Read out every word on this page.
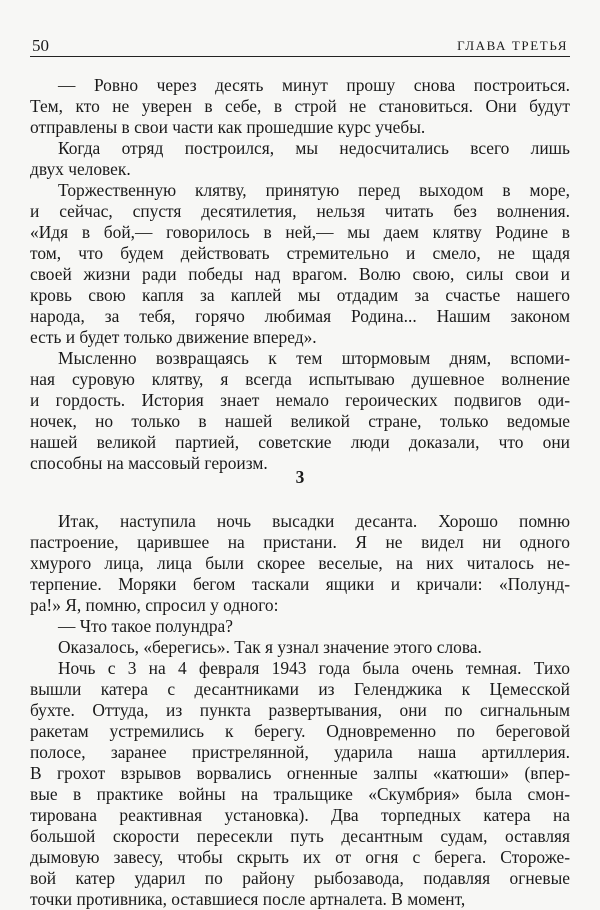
50	ГЛАВА ТРЕТЬЯ
— Ровно через десять минут прошу снова построиться.
Тем, кто не уверен в себе, в строй не становиться. Они будут
отправлены в свои части как прошедшие курс учебы.
Когда отряд построился, мы недосчитались всего лишь
двух человек.
Торжественную клятву, принятую перед выходом в море,
и сейчас, спустя десятилетия, нельзя читать без волнения.
«Идя в бой,— говорилось в ней,— мы даем клятву Родине в
том, что будем действовать стремительно и смело, не щадя
своей жизни ради победы над врагом. Волю свою, силы свои и
кровь свою капля за каплей мы отдадим за счастье нашего
народа, за тебя, горячо любимая Родина... Нашим законом
есть и будет только движение вперед».
Мысленно возвращаясь к тем штормовым дням, вспоми-
ная суровую клятву, я всегда испытываю душевное волнение
и гордость. История знает немало героических подвигов оди-
ночек, но только в нашей великой стране, только ведомые
нашей великой партией, советские люди доказали, что они
способны на массовый героизм.
Итак, наступила ночь высадки десанта. Хорошо помню
пастроение, царившее на пристани. Я не видел ни одного
хмурого лица, лица были скорее веселые, на них читалось не-
терпение. Моряки бегом таскали ящики и кричали: «Полунд-
ра!» Я, помню, спросил у одного:
— Что такое полундра?
Оказалось, «берегись». Так я узнал значение этого слова.
Ночь с 3 на 4 февраля 1943 года была очень темная. Тихо
вышли катера с десантниками из Геленджика к Цемесской
бухте. Оттуда, из пункта развертывания, они по сигнальным
ракетам устремились к берегу. Одновременно по береговой
полосе, заранее пристрелянной, ударила наша артиллерия.
В грохот взрывов ворвались огненные залпы «катюши» (впер-
вые в практике войны на тральщике «Скумбрия» была смон-
тирована реактивная установка). Два торпедных катера на
большой скорости пересекли путь десантным судам, оставляя
дымовую завесу, чтобы скрыть их от огня с берега. Стороже-
вой катер ударил по району рыбозавода, подавляя огневые
точки противника, оставшиеся после артналета. В момент,
3
